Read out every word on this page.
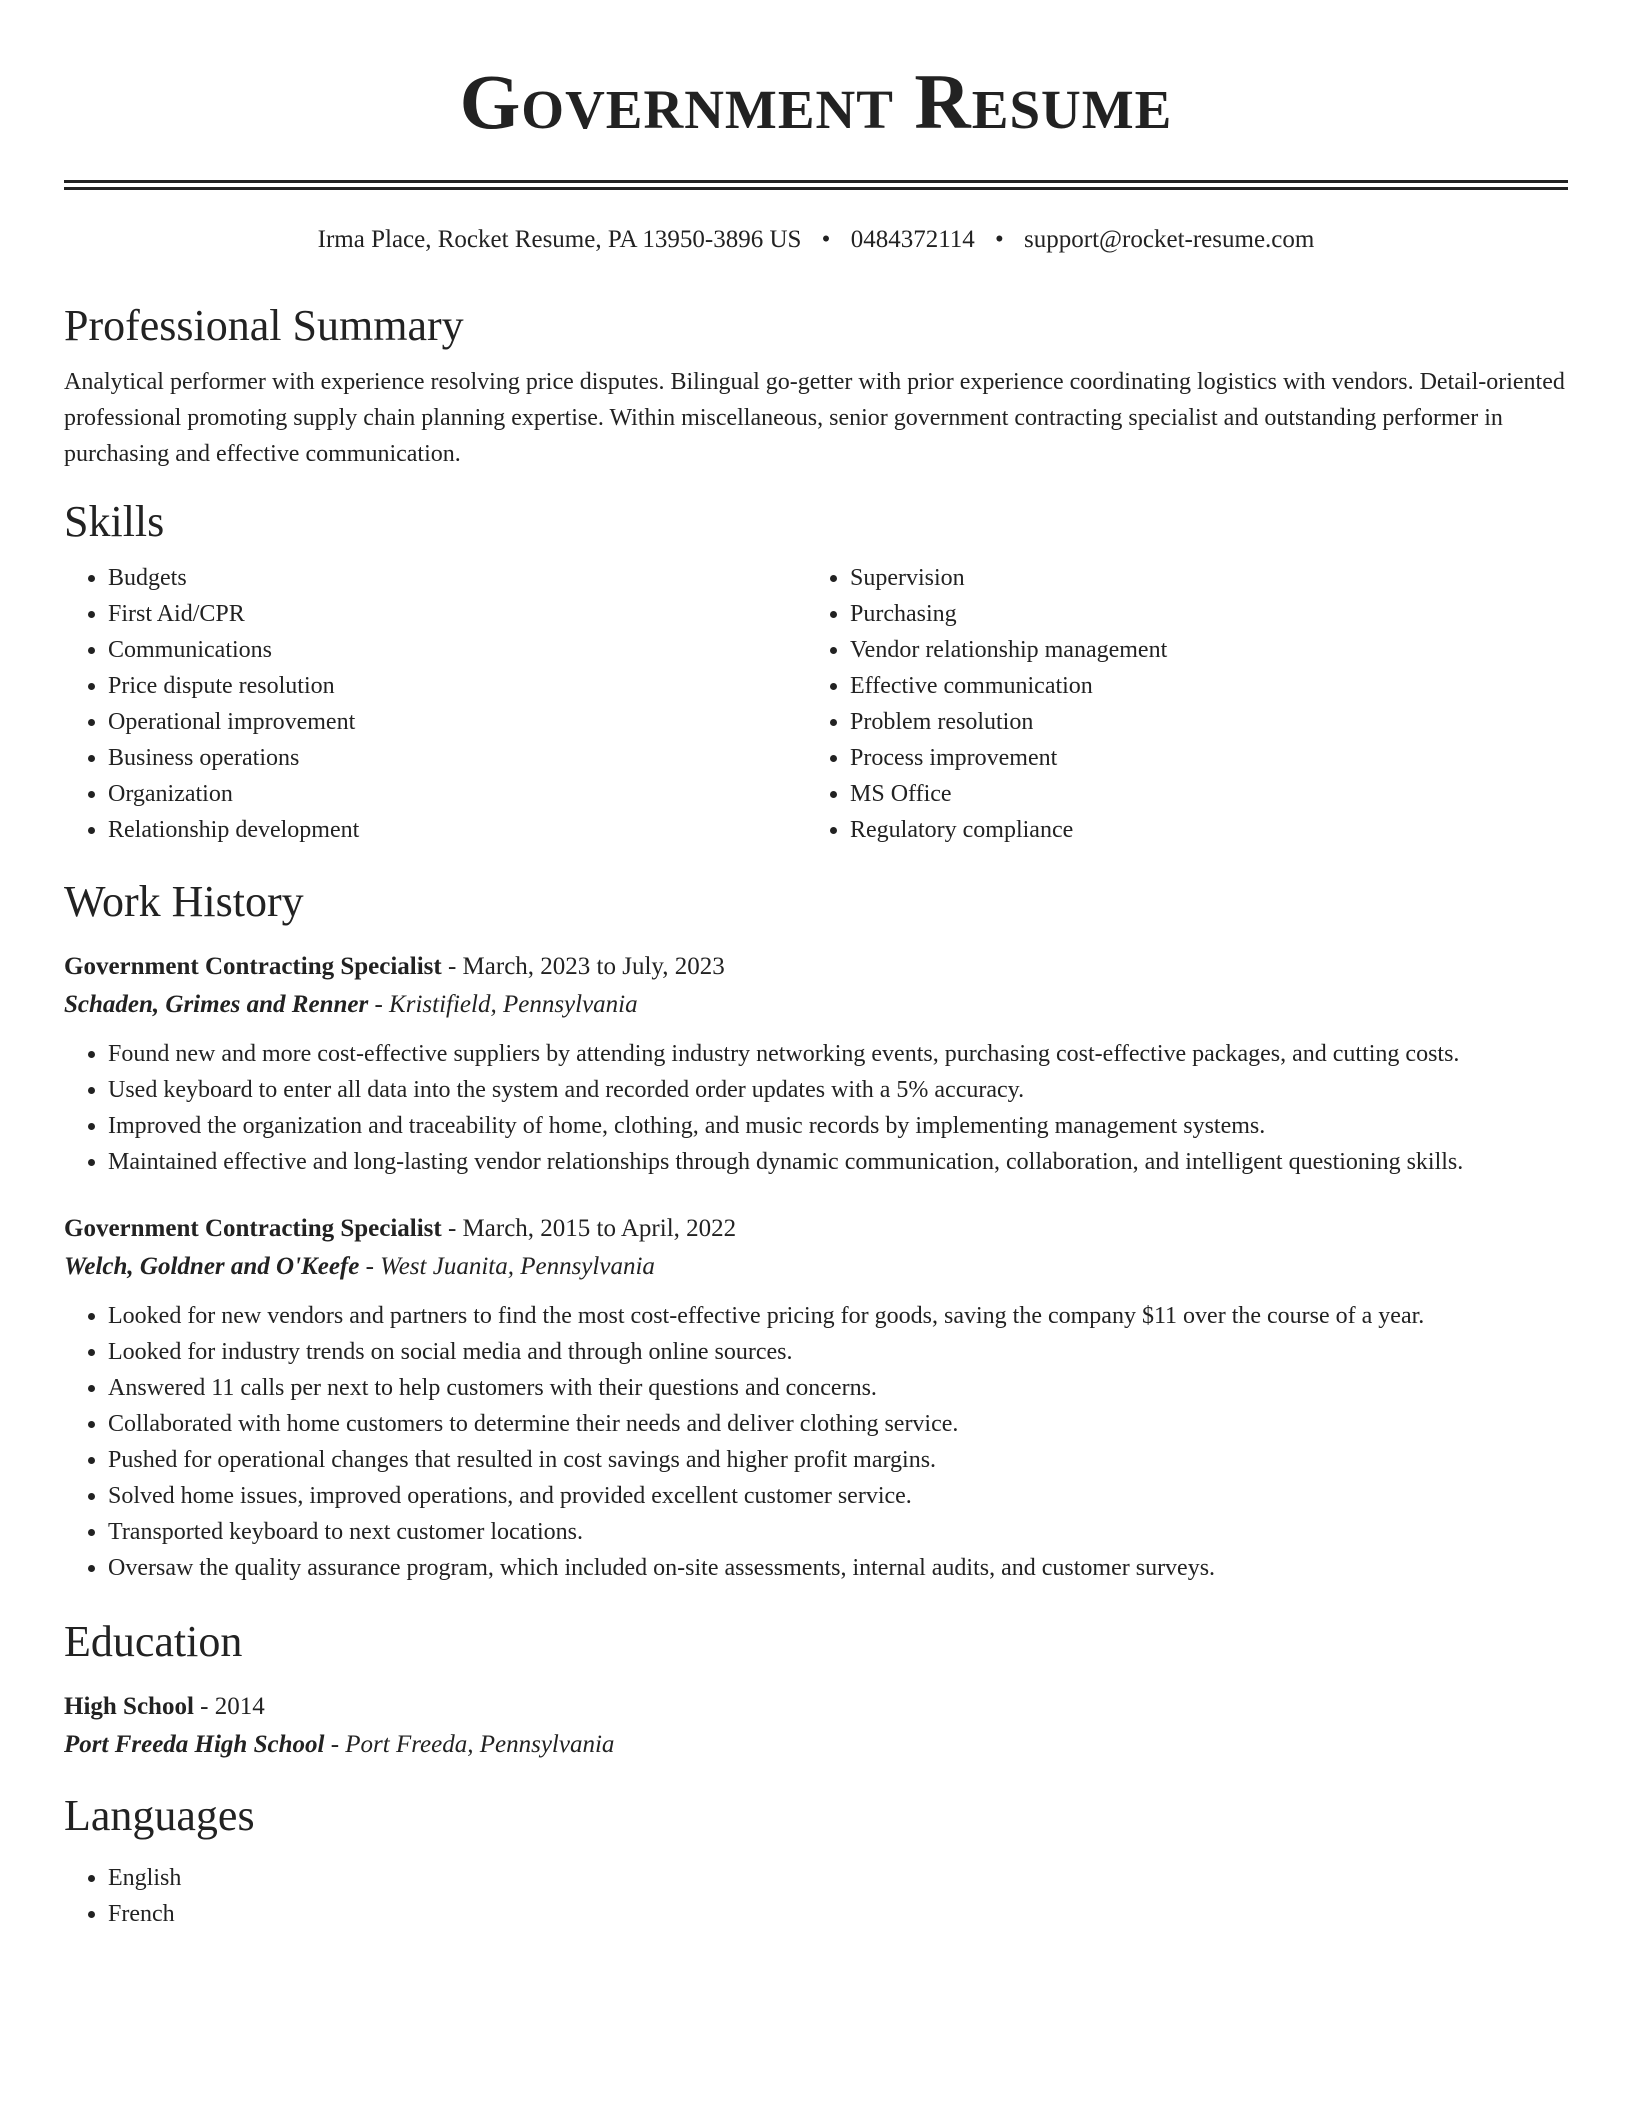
Government Resume
Irma Place, Rocket Resume, PA 13950-3896 US • 0484372114 • support@rocket-resume.com
Professional Summary
Analytical performer with experience resolving price disputes. Bilingual go-getter with prior experience coordinating logistics with vendors. Detail-oriented professional promoting supply chain planning expertise. Within miscellaneous, senior government contracting specialist and outstanding performer in purchasing and effective communication.
Skills
• Budgets
• First Aid/CPR
• Communications
• Price dispute resolution
• Operational improvement
• Business operations
• Organization
• Relationship development
• Supervision
• Purchasing
• Vendor relationship management
• Effective communication
• Problem resolution
• Process improvement
• MS Office
• Regulatory compliance
Work History
Government Contracting Specialist - March, 2023 to July, 2023
Schaden, Grimes and Renner - Kristifield, Pennsylvania
• Found new and more cost-effective suppliers by attending industry networking events, purchasing cost-effective packages, and cutting costs.
• Used keyboard to enter all data into the system and recorded order updates with a 5% accuracy.
• Improved the organization and traceability of home, clothing, and music records by implementing management systems.
• Maintained effective and long-lasting vendor relationships through dynamic communication, collaboration, and intelligent questioning skills.
Government Contracting Specialist - March, 2015 to April, 2022
Welch, Goldner and O'Keefe - West Juanita, Pennsylvania
• Looked for new vendors and partners to find the most cost-effective pricing for goods, saving the company $11 over the course of a year.
• Looked for industry trends on social media and through online sources.
• Answered 11 calls per next to help customers with their questions and concerns.
• Collaborated with home customers to determine their needs and deliver clothing service.
• Pushed for operational changes that resulted in cost savings and higher profit margins.
• Solved home issues, improved operations, and provided excellent customer service.
• Transported keyboard to next customer locations.
• Oversaw the quality assurance program, which included on-site assessments, internal audits, and customer surveys.
Education
High School - 2014
Port Freeda High School - Port Freeda, Pennsylvania
Languages
• English
• French
